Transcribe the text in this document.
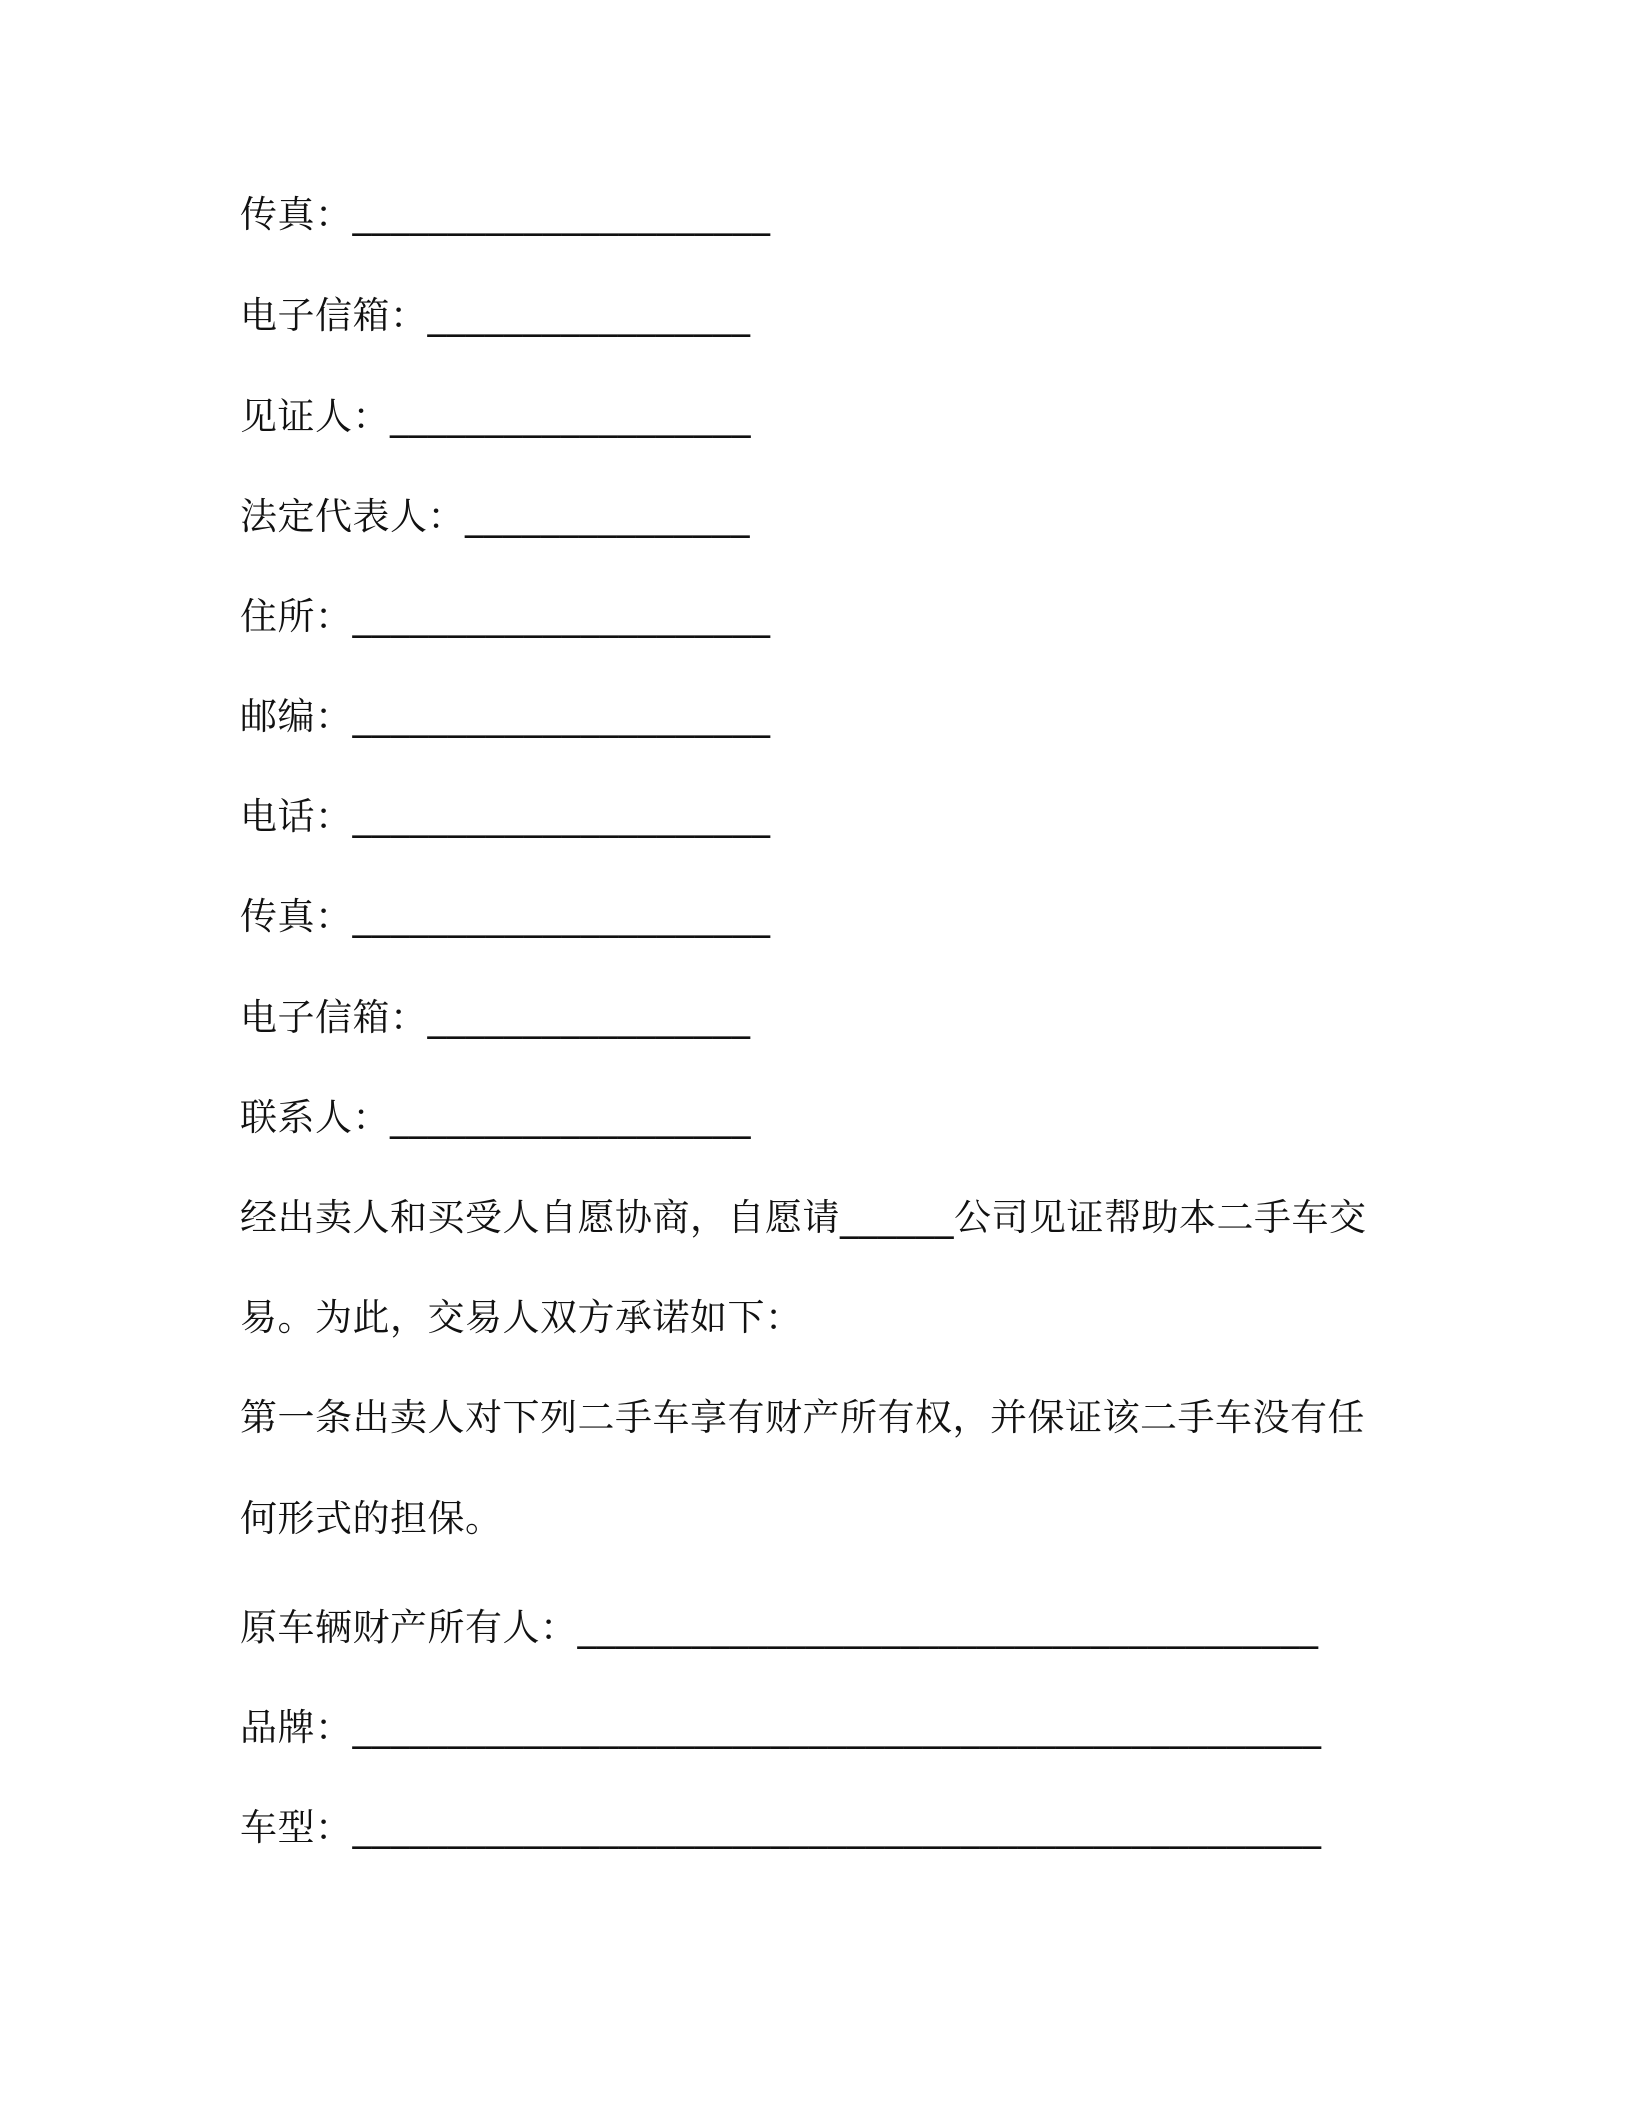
传真：______________________
电子信箱：_________________
见证人：___________________
法定代表人：_______________
住所：______________________
邮编：______________________
电话：______________________
传真：______________________
电子信箱：_________________
联系人：___________________
经出卖人和买受人自愿协商，自愿请______公司见证帮助本二手车交
易。为此，交易人双方承诺如下：
第一条出卖人对下列二手车享有财产所有权，并保证该二手车没有任
何形式的担保。
原车辆财产所有人：_______________________________________
品牌：___________________________________________________
车型：___________________________________________________
